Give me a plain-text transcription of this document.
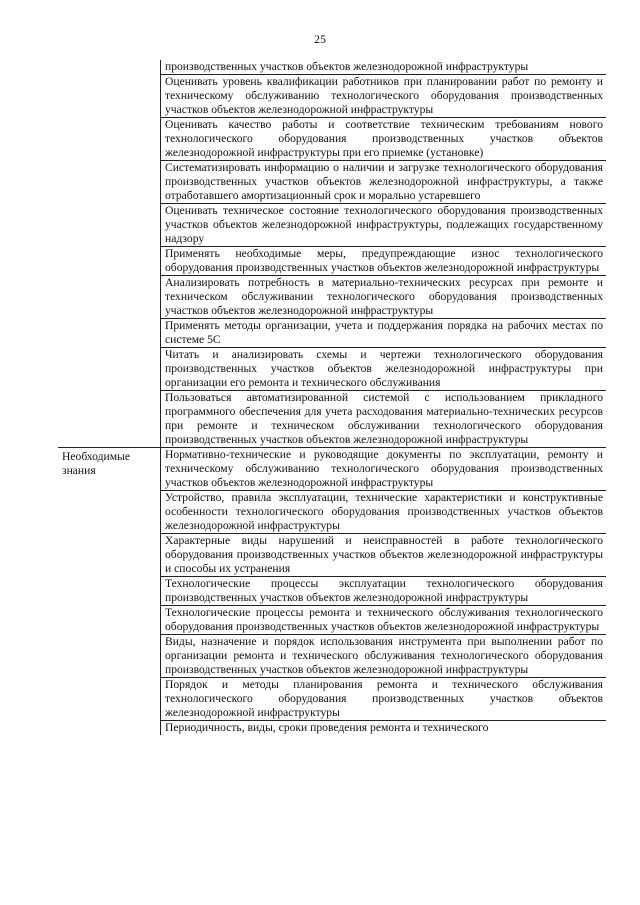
25
	производственных участков объектов железнодорожной инфраструктуры
	Оценивать уровень квалификации работников при планировании работ по ремонту и техническому обслуживанию технологического оборудования производственных участков объектов железнодорожной инфраструктуры
	Оценивать качество работы и соответствие техническим требованиям нового технологического оборудования производственных участков объектов железнодорожной инфраструктуры при его приемке (установке)
	Систематизировать информацию о наличии и загрузке технологического оборудования производственных участков объектов железнодорожной инфраструктуры, а также отработавшего амортизационный срок и морально устаревшего
	Оценивать техническое состояние технологического оборудования производственных участков объектов железнодорожной инфраструктуры, подлежащих государственному надзору
	Применять необходимые меры, предупреждающие износ технологического оборудования производственных участков объектов железнодорожной инфраструктуры
	Анализировать потребность в материально-технических ресурсах при ремонте и техническом обслуживании технологического оборудования производственных участков объектов железнодорожной инфраструктуры
	Применять методы организации, учета и поддержания порядка на рабочих местах по системе 5С
	Читать и анализировать схемы и чертежи технологического оборудования производственных участков объектов железнодорожной инфраструктуры при организации его ремонта и технического обслуживания
	Пользоваться автоматизированной системой с использованием прикладного программного обеспечения для учета расходования материально-технических ресурсов при ремонте и техническом обслуживании технологического оборудования производственных участков объектов железнодорожной инфраструктуры
Необходимые знания	Нормативно-технические и руководящие документы по эксплуатации, ремонту и техническому обслуживанию технологического оборудования производственных участков объектов железнодорожной инфраструктуры
	Устройство, правила эксплуатации, технические характеристики и конструктивные особенности технологического оборудования производственных участков объектов железнодорожной инфраструктуры
	Характерные виды нарушений и неисправностей в работе технологического оборудования производственных участков объектов железнодорожной инфраструктуры и способы их устранения
	Технологические процессы эксплуатации технологического оборудования производственных участков объектов железнодорожной инфраструктуры
	Технологические процессы ремонта и технического обслуживания технологического оборудования производственных участков объектов железнодорожной инфраструктуры
	Виды, назначение и порядок использования инструмента при выполнении работ по организации ремонта и технического обслуживания технологического оборудования производственных участков объектов железнодорожной инфраструктуры
	Порядок и методы планирования ремонта и технического обслуживания технологического оборудования производственных участков объектов железнодорожной инфраструктуры
	Периодичность, виды, сроки проведения ремонта и технического
